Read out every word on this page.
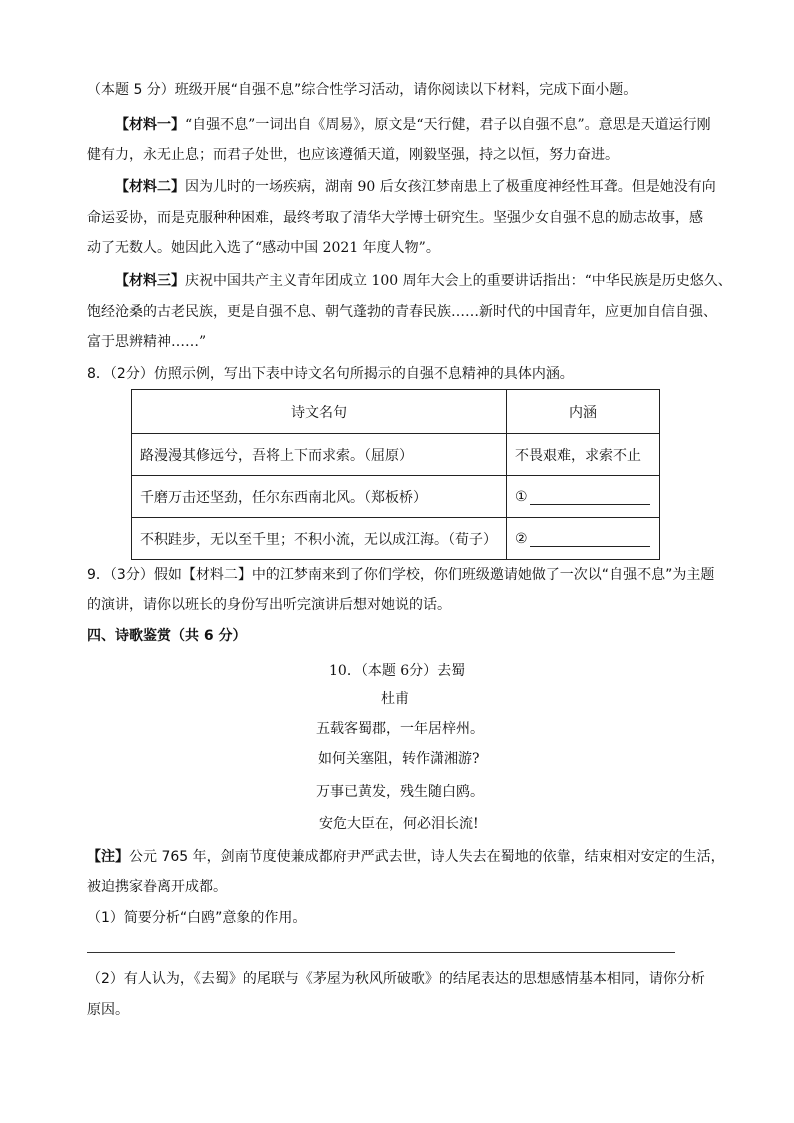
（本题 5 分）班级开展“自强不息”综合性学习活动，请你阅读以下材料，完成下面小题。
【材料一】“自强不息”一词出自《周易》，原文是“天行健，君子以自强不息”。意思是天道运行刚
健有力，永无止息；而君子处世，也应该遵循天道，刚毅坚强，持之以恒，努力奋进。
【材料二】因为儿时的一场疾病，湖南 90 后女孩江梦南患上了极重度神经性耳聋。但是她没有向
命运妥协，而是克服种种困难，最终考取了清华大学博士研究生。坚强少女自强不息的励志故事，感
动了无数人。她因此入选了“感动中国 2021 年度人物”。
【材料三】庆祝中国共产主义青年团成立 100 周年大会上的重要讲话指出：“中华民族是历史悠久、
饱经沧桑的古老民族，更是自强不息、朝气蓬勃的青春民族……新时代的中国青年，应更加自信自强、
富于思辨精神……”
8．（2分）仿照示例，写出下表中诗文名句所揭示的自强不息精神的具体内涵。
诗文名句	内涵
路漫漫其修远兮，吾将上下而求索。（屈原）	不畏艰难，求索不止
千磨万击还坚劲，任尔东西南北风。（郑板桥）	①
不积跬步，无以至千里；不积小流，无以成江海。（荀子）	②
9．（3分）假如【材料二】中的江梦南来到了你们学校，你们班级邀请她做了一次以“自强不息”为主题
的演讲，请你以班长的身份写出听完演讲后想对她说的话。
四、诗歌鉴赏（共 6 分）
10．（本题 6分）去蜀
杜甫
五载客蜀郡，一年居梓州。
如何关塞阻，转作潇湘游?
万事已黄发，残生随白鸥。
安危大臣在，何必泪长流!
【注】公元 765 年，剑南节度使兼成都府尹严武去世，诗人失去在蜀地的依靠，结束相对安定的生活，
被迫携家眷离开成都。
（1）简要分析“白鸥”意象的作用。
（2）有人认为，《去蜀》的尾联与《茅屋为秋风所破歌》的结尾表达的思想感情基本相同，请你分析
原因。
